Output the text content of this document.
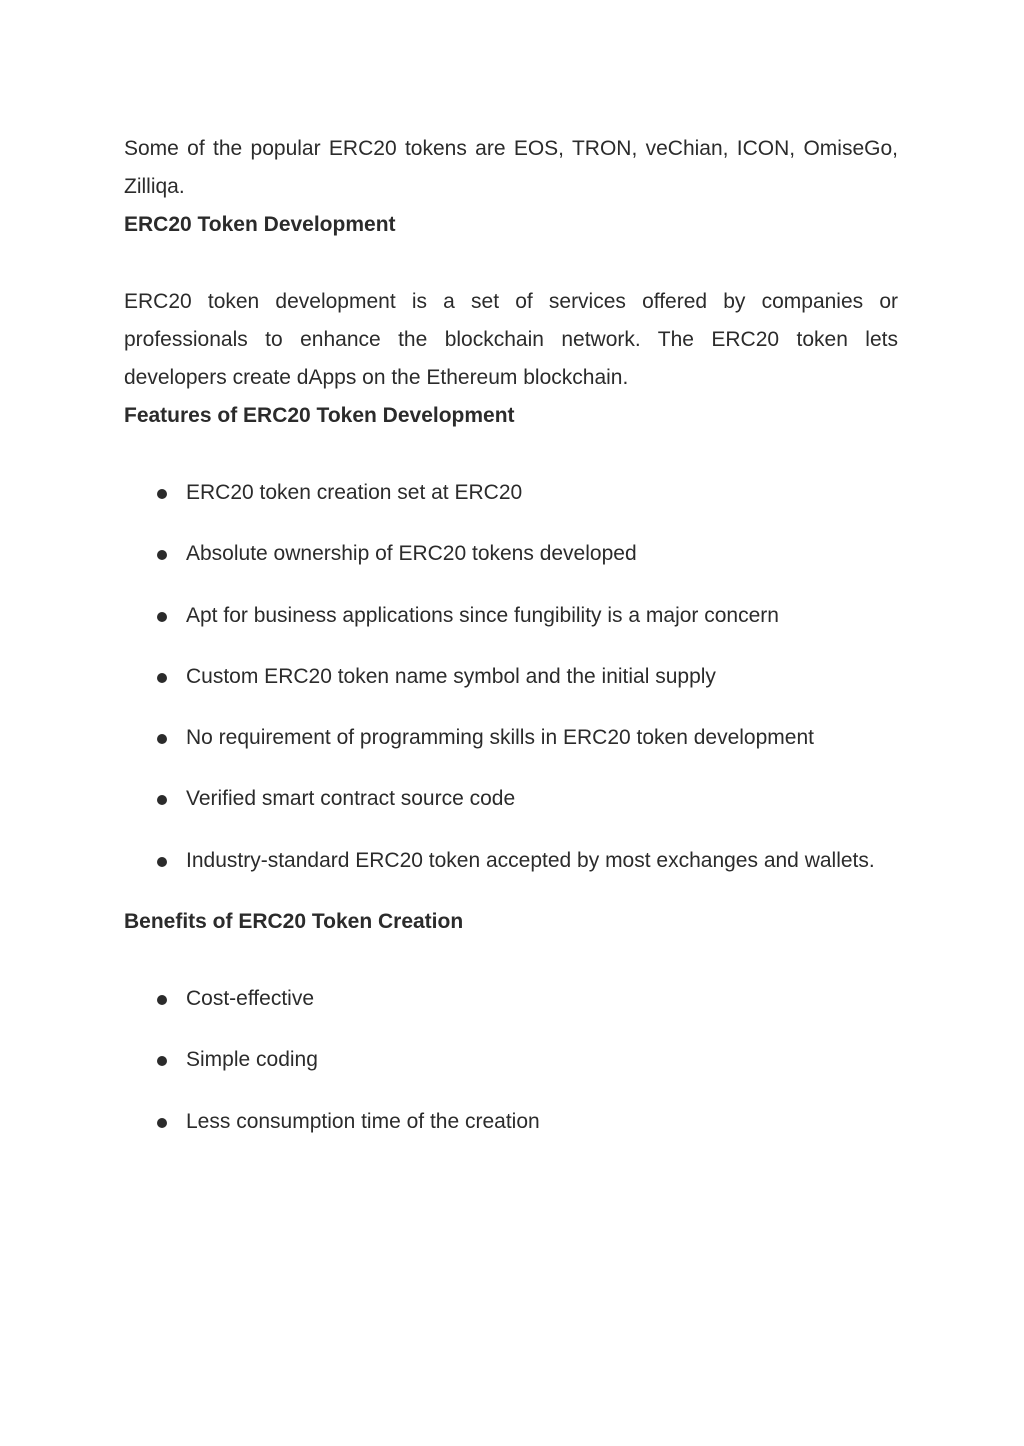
Some of the popular ERC20 tokens are EOS, TRON, veChian, ICON, OmiseGo, Zilliqa.

ERC20 Token Development

ERC20 token development is a set of services offered by companies or professionals to enhance the blockchain network. The ERC20 token lets developers create dApps on the Ethereum blockchain.

Features of ERC20 Token Development
ERC20 token creation set at ERC20
Absolute ownership of ERC20 tokens developed
Apt for business applications since fungibility is a major concern
Custom ERC20 token name symbol and the initial supply
No requirement of programming skills in ERC20 token development
Verified smart contract source code
Industry-standard ERC20 token accepted by most exchanges and wallets.
Benefits of ERC20 Token Creation
Cost-effective
Simple coding
Less consumption time of the creation
